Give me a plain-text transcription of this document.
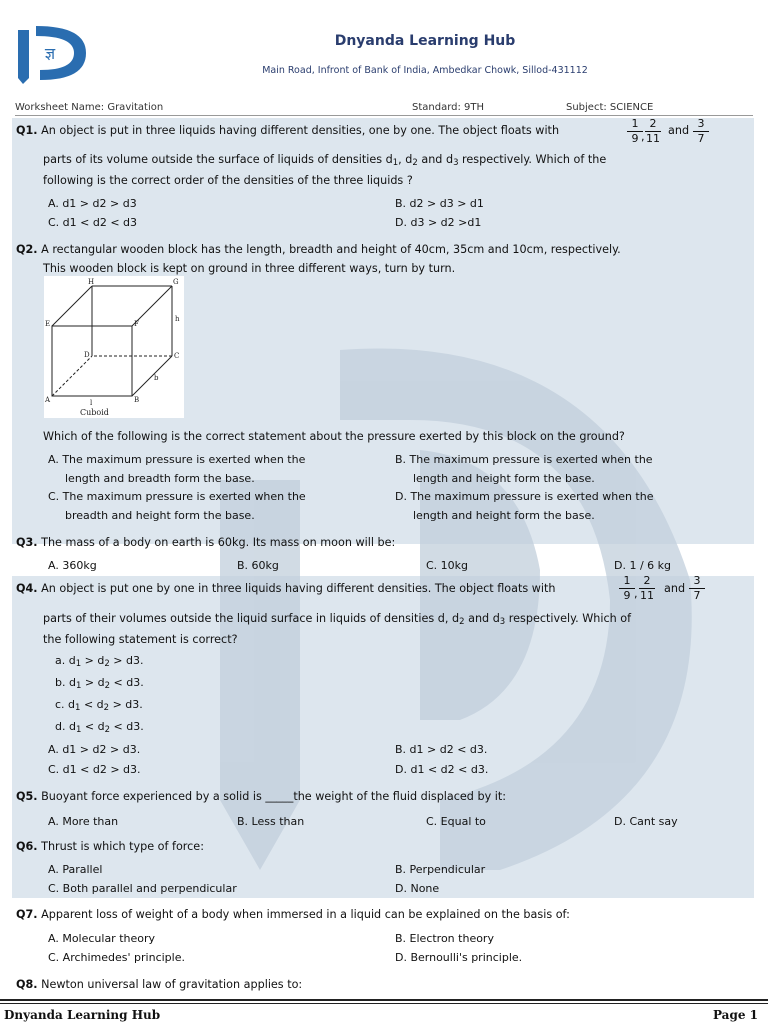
ज्ञ
Dnyanda Learning Hub
Main Road, Infront of Bank of India, Ambedkar Chowk, Sillod-431112
Worksheet Name: Gravitation	Standard: 9TH	Subject: SCIENCE
Q1. An object is put in three liquids having different densities, one by one. The object floats with	$\frac{1}{9}$
, $\frac{2}{11}$ and $\frac{3}{7}$
parts of its volume outside the surface of liquids of densities $d_1$, $d_2$ and $d_3$ respectively. Which of the
following is the correct order of the densities of the three liquids ?
A. d1 > d2 > d3	B. d2 > d3 > d1
C. d1 < d2 < d3	D. d3 > d2 >d1
Q2. A rectangular wooden block has the length, breadth and height of 40cm, 35cm and 10cm, respectively.
This wooden block is kept on ground in three different ways, turn by turn.
A	B
C
D
E	F
G
H
l
b
h
Cuboid
Which of the following is the correct statement about the pressure exerted by this block on the ground?
A. The maximum pressure is exerted when the
length and breadth form the base.
B. The maximum pressure is exerted when the
length and height form the base.
C. The maximum pressure is exerted when the
breadth and height form the base.
D. The maximum pressure is exerted when the
length and height form the base.
Q3. The mass of a body on earth is 60kg. Its mass on moon will be:
A. 360kg	B. 60kg	C. 10kg	D. 1 / 6 kg
Q4. An object is put one by one in three liquids having different densities. The object floats with	$\frac{1}{9}$ , $\frac{2}{11}$ and $\frac{3}{7}$
parts of their volumes outside the liquid surface in liquids of densities d, $d_2$ and $d_3$ respectively. Which of
the following statement is correct?
a. $d_1 > d_2 > d3$.
b. $d_1 > d_2 < d3$.
c. $d_1 < d_2 > d3$.
d. $d_1 < d_2 < d3$.
A. d1 > d2 > d3.	B. d1 > d2 < d3.
C. d1 < d2 > d3.	D. d1 < d2 < d3.
Q5. Buoyant force experienced by a solid is _____the weight of the fluid displaced by it:
A. More than	B. Less than	C. Equal to	D. Cant say
Q6. Thrust is which type of force:
A. Parallel	B. Perpendicular
C. Both parallel and perpendicular	D. None
Q7. Apparent loss of weight of a body when immersed in a liquid can be explained on the basis of:
A. Molecular theory	B. Electron theory
C. Archimedes' principle.	D. Bernoulli's principle.
Q8. Newton universal law of gravitation applies to:
Dnyanda Learning Hub	Page 1
